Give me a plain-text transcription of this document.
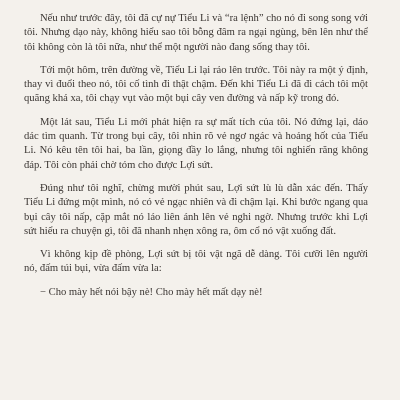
Nếu như trước đây, tôi đã cự nự Tiểu Li và “ra lệnh” cho nó đi song song với tôi. Nhưng dạo này, không hiểu sao tôi bỗng đâm ra ngại ngùng, bên lên như thể tôi không còn là tôi nữa, như thể một người nào đang sống thay tôi.

Tới một hôm, trên đường về, Tiểu Li lại rảo lên trước. Tôi này ra một ý định, thay vì đuổi theo nó, tôi cố tình đi thật chậm. Đến khi Tiểu Li đã đi cách tôi một quãng khá xa, tôi chạy vụt vào một bụi cây ven đường và nấp kỹ trong đó.

Một lát sau, Tiểu Li mới phát hiện ra sự mất tích của tôi. Nó đứng lại, dáo dác tìm quanh. Từ trong bụi cây, tôi nhìn rõ vẻ ngơ ngác và hoảng hốt của Tiểu Li. Nó kêu tên tôi hai, ba lần, giọng đầy lo lắng, nhưng tôi nghiến răng không đáp. Tôi còn phải chờ tóm cho được Lợi sứt.

Đúng như tôi nghĩ, chừng mười phút sau, Lợi sứt lù lù dẫn xác đến. Thấy Tiểu Li đứng một mình, nó có vẻ ngạc nhiên và đi chậm lại. Khi bước ngang qua bụi cây tôi nấp, cặp mắt nó láo liên ánh lên vẻ nghi ngờ. Nhưng trước khi Lợi sứt hiểu ra chuyện gì, tôi đã nhanh nhẹn xông ra, ôm cổ nó vật xuống đất.

Vì không kịp đề phòng, Lợi sứt bị tôi vật ngã dễ dàng. Tôi cưỡi lên người nó, đấm túi bụi, vừa đấm vừa la:

− Cho mày hết nói bậy nè! Cho mày hết mất dạy nè!
